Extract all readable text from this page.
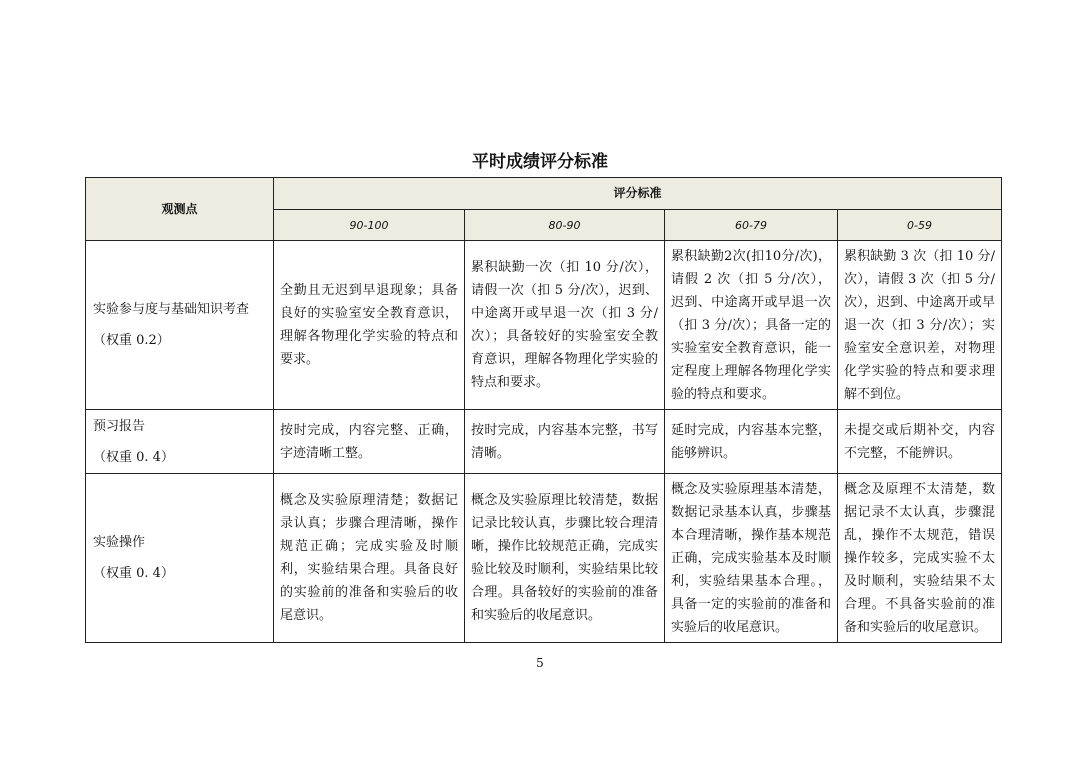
平时成绩评分标准
观测点	评分标准			
	90-100	80-90	60-79	0-59

实验参与度与基础知识考查
（权重 0.2）	全勤且无迟到早退现象；具备良好的实验室安全教育意识，理解各物理化学实验的特点和要求。	累积缺勤一次（扣 10 分/次），请假一次（扣 5 分/次），迟到、中途离开或早退一次（扣 3 分/次）；具备较好的实验室安全教育意识，理解各物理化学实验的特点和要求。	累积缺勤2次(扣10分/次)，请假 2 次（扣 5 分/次），迟到、中途离开或早退一次（扣 3 分/次）；具备一定的实验室安全教育意识，能一定程度上理解各物理化学实验的特点和要求。	累积缺勤 3 次（扣 10 分/次），请假 3 次（扣 5 分/次），迟到、中途离开或早退一次（扣 3 分/次）；实验室安全意识差，对物理化学实验的特点和要求理解不到位。

预习报告
（权重 0. 4）	按时完成，内容完整、正确，字迹清晰工整。	按时完成，内容基本完整，书写清晰。	延时完成，内容基本完整，能够辨识。	未提交或后期补交，内容不完整，不能辨识。

实验操作
（权重 0. 4）	概念及实验原理清楚；数据记录认真；步骤合理清晰，操作规范正确；完成实验及时顺利，实验结果合理。具备良好的实验前的准备和实验后的收尾意识。	概念及实验原理比较清楚，数据记录比较认真，步骤比较合理清晰，操作比较规范正确，完成实验比较及时顺利，实验结果比较合理。具备较好的实验前的准备和实验后的收尾意识。	概念及实验原理基本清楚，数据记录基本认真，步骤基本合理清晰，操作基本规范正确，完成实验基本及时顺利，实验结果基本合理。，具备一定的实验前的准备和实验后的收尾意识。	概念及原理不太清楚，数据记录不太认真，步骤混乱，操作不太规范，错误操作较多，完成实验不太及时顺利，实验结果不太合理。不具备实验前的准备和实验后的收尾意识。
5
